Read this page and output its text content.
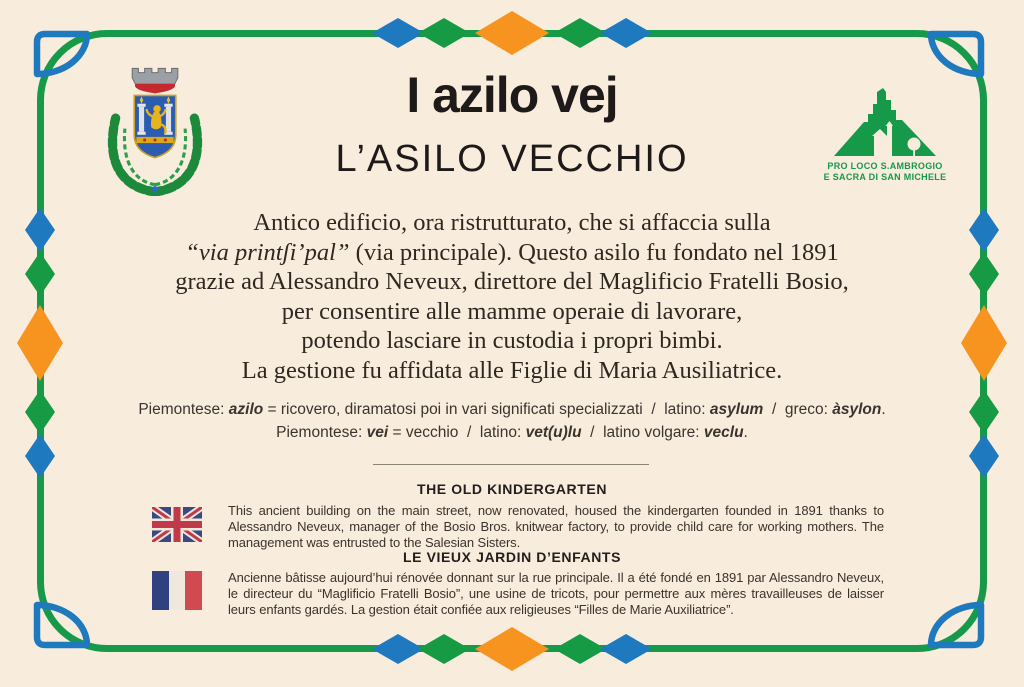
PRO LOCO S.AMBROGIO
E SACRA DI SAN MICHELE
I azilo vej
L’ASILO VECCHIO
Antico edificio, ora ristrutturato, che si affaccia sulla
“via printʃi’pal” (via principale). Questo asilo fu fondato nel 1891
grazie ad Alessandro Neveux, direttore del Maglificio Fratelli Bosio,
per consentire alle mamme operaie di lavorare,
potendo lasciare in custodia i propri bimbi.
La gestione fu affidata alle Figlie di Maria Ausiliatrice.
Piemontese: azilo = ricovero, diramatosi poi in vari significati specializzati  /  latino: asylum  /  greco: àsylon.
Piemontese: vei = vecchio  /  latino: vet(u)lu  /  latino volgare: veclu.
THE OLD KINDERGARTEN
This ancient building on the main street, now renovated, housed the kindergarten founded in 1891 thanks to Alessandro Neveux, manager of the Bosio Bros. knitwear factory, to provide child care for working mothers. The management was entrusted to the Salesian Sisters.
LE VIEUX JARDIN D’ENFANTS
Ancienne bâtisse aujourd’hui rénovée donnant sur la rue principale. Il a été fondé en 1891 par Alessandro Neveux, le directeur du “Maglificio Fratelli Bosio”, une usine de tricots, pour permettre aux mères travailleuses de laisser leurs enfants gardés. La gestion était confiée aux religieuses “Filles de Marie Auxiliatrice”.
